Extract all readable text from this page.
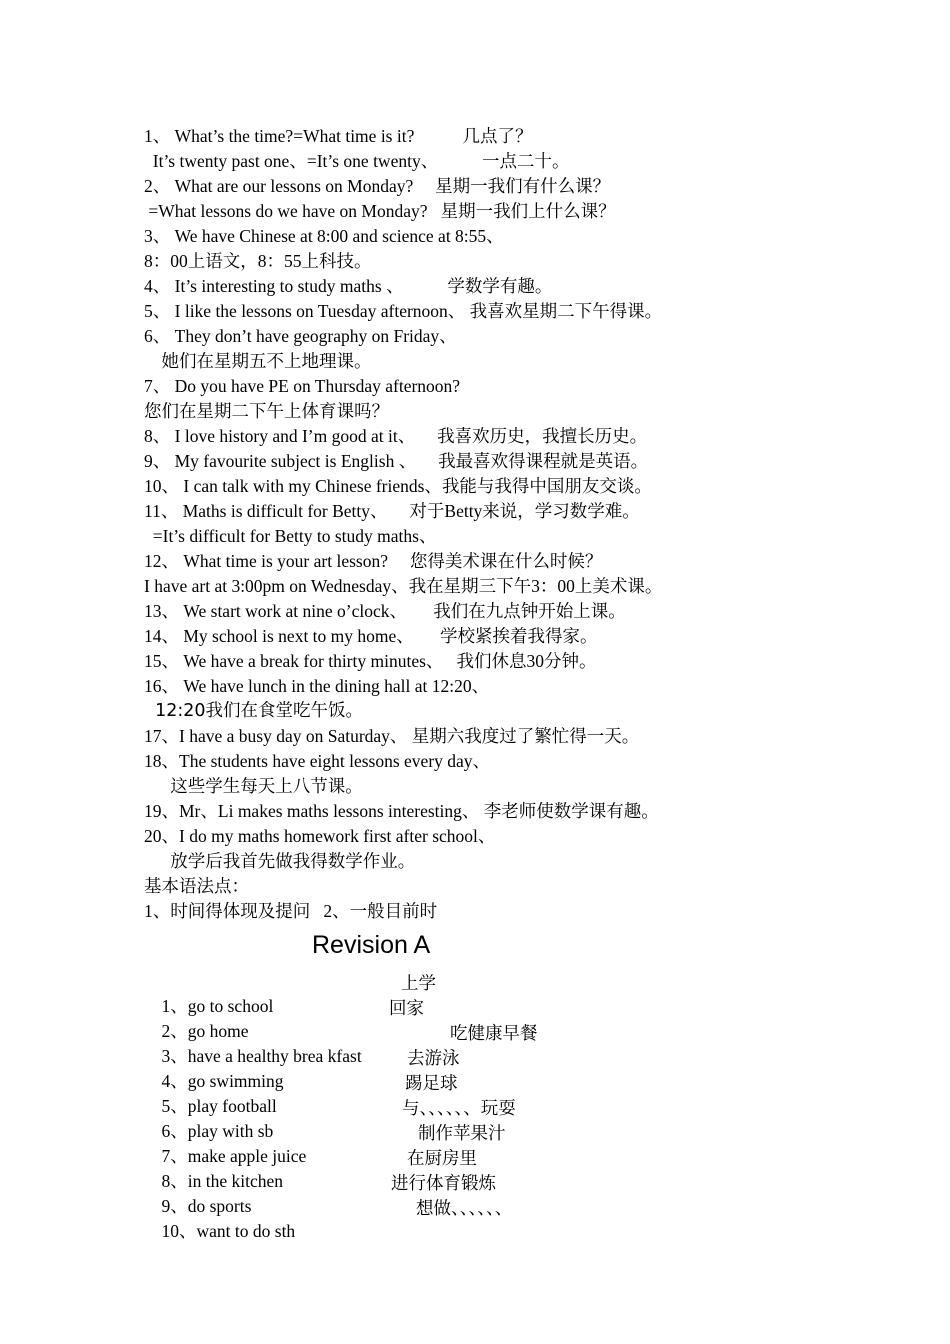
1、 What’s the time?=What time is it?           几点了？
It’s twenty past one、=It’s one twenty、          一点二十。
2、 What are our lessons on Monday?     星期一我们有什么课？
=What lessons do we have on Monday?   星期一我们上什么课？
3、 We have Chinese at 8:00 and science at 8:55、
8：00上语文，8：55上科技。
4、 It’s interesting to study maths 、          学数学有趣。
5、 I like the lessons on Tuesday afternoon、 我喜欢星期二下午得课。
6、 They don’t have geography on Friday、
她们在星期五不上地理课。
7、 Do you have PE on Thursday afternoon?
您们在星期二下午上体育课吗？
8、 I love history and I’m good at it、     我喜欢历史，我擅长历史。
9、 My favourite subject is English 、     我最喜欢得课程就是英语。
10、 I can talk with my Chinese friends、我能与我得中国朋友交谈。
11、 Maths is difficult for Betty、     对于Betty来说，学习数学难。
=It’s difficult for Betty to study maths、
12、 What time is your art lesson?     您得美术课在什么时候？
I have art at 3:00pm on Wednesday、我在星期三下午3：00上美术课。
13、 We start work at nine o’clock、      我们在九点钟开始上课。
14、 My school is next to my home、      学校紧挨着我得家。
15、 We have a break for thirty minutes、   我们休息30分钟。
16、 We have lunch in the dining hall at 12:20、
12:20我们在食堂吃午饭。
17、I have a busy day on Saturday、 星期六我度过了繁忙得一天。
18、The students have eight lessons every day、
这些学生每天上八节课。
19、Mr、Li makes maths lessons interesting、 李老师使数学课有趣。
20、I do my maths homework first after school、
放学后我首先做我得数学作业。
基本语法点：
1、时间得体现及提问   2、一般目前时
Revision A

1、go to school

上学

2、go home

回家

3、have a healthy brea kfast

吃健康早餐

4、go swimming

去游泳

5、play football

踢足球

6、play with sb

与、、、、、、玩耍

7、make apple juice

制作苹果汁

8、in the kitchen

在厨房里

9、do sports

进行体育锻炼

10、want to do sth

想做、、、、、、
